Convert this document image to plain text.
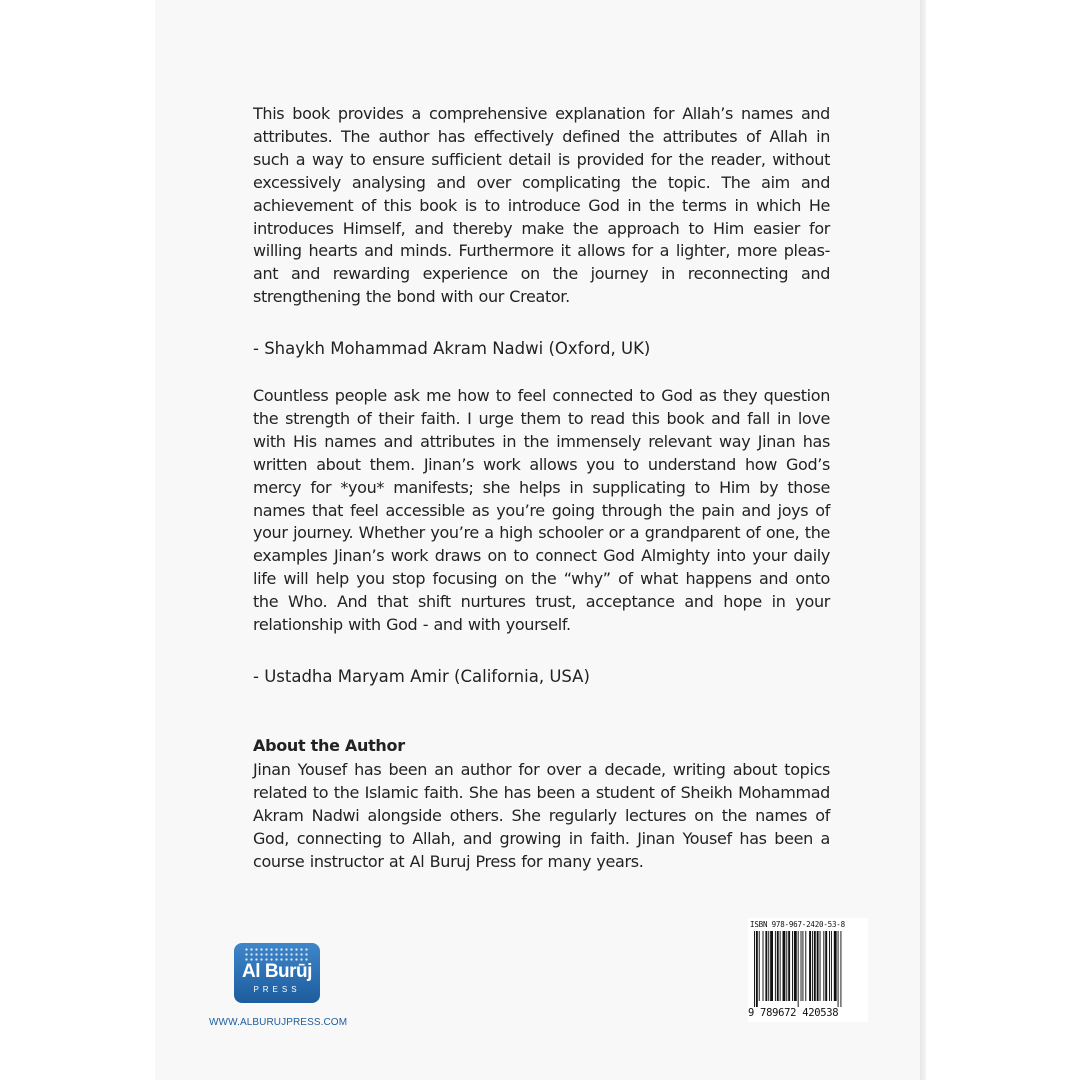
This book provides a comprehensive explanation for Allah’s names and attributes. The author has effectively defined the attributes of Allah in such a way to ensure sufficient detail is provided for the reader, without excessively analysing and over complicating the topic. The aim and achievement of this book is to introduce God in the terms in which He introduces Himself, and thereby make the approach to Him easier for willing hearts and minds. Furthermore it allows for a lighter, more pleas-ant and rewarding experience on the journey in reconnecting and strengthening the bond with our Creator.

- Shaykh Mohammad Akram Nadwi (Oxford, UK)

Countless people ask me how to feel connected to God as they question the strength of their faith. I urge them to read this book and fall in love with His names and attributes in the immensely relevant way Jinan has written about them. Jinan’s work allows you to understand how God’s mercy for *you* manifests; she helps in supplicating to Him by those names that feel accessible as you’re going through the pain and joys of your journey. Whether you’re a high schooler or a grandparent of one, the examples Jinan’s work draws on to connect God Almighty into your daily life will help you stop focusing on the “why” of what happens and onto the Who. And that shift nurtures trust, acceptance and hope in your relationship with God - and with yourself.

- Ustadha Maryam Amir (California, USA)

About the Author

Jinan Yousef has been an author for over a decade, writing about topics related to the Islamic faith. She has been a student of Sheikh Mohammad Akram Nadwi alongside others. She regularly lectures on the names of God, connecting to Allah, and growing in faith. Jinan Yousef has been a course instructor at Al Buruj Press for many years.

Al Burūj
PRESS
WWW.ALBURUJPRESS.COM
ISBN 978-967-2420-53-8
9 789672 420538
